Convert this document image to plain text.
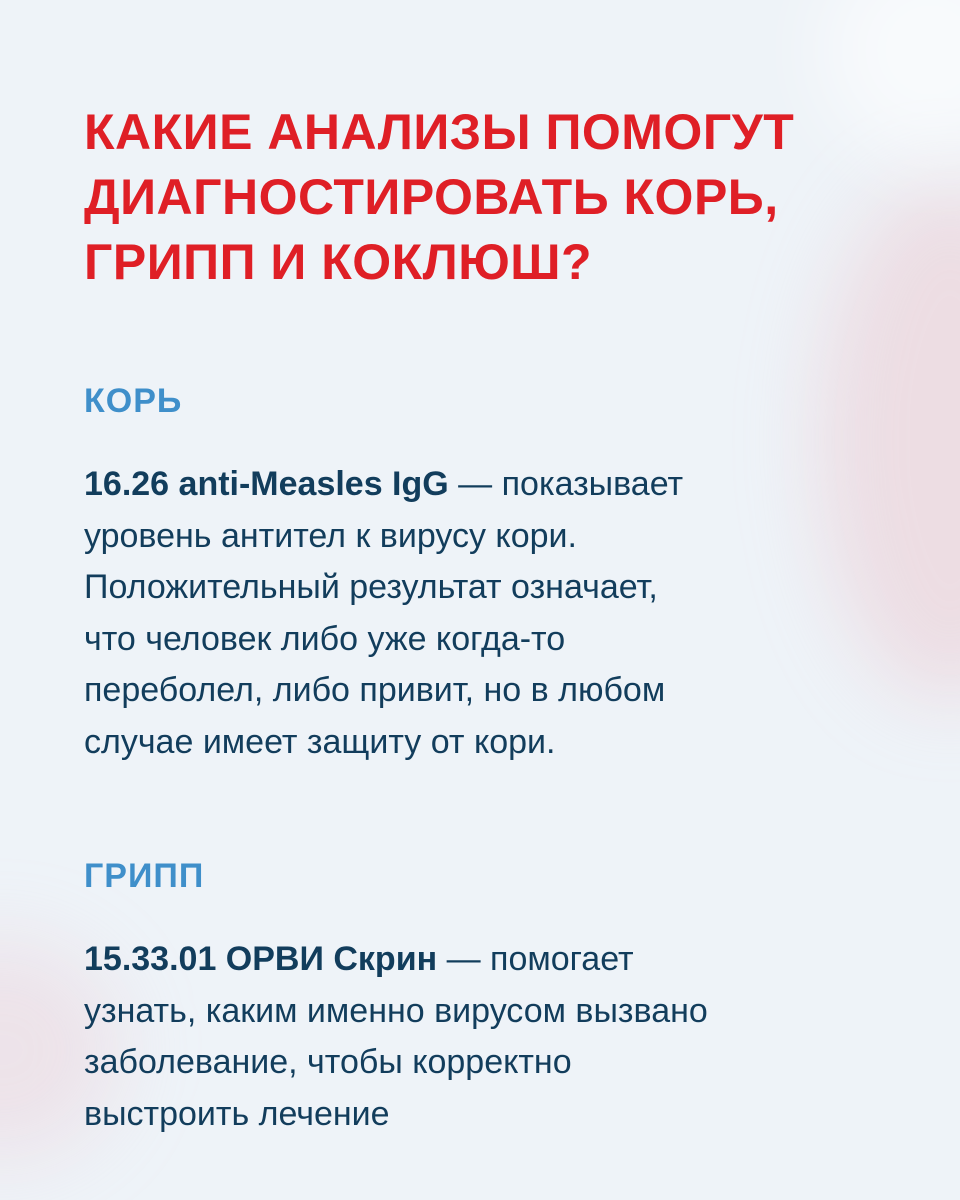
КАКИЕ АНАЛИЗЫ ПОМОГУТ
ДИАГНОСТИРОВАТЬ КОРЬ,
ГРИПП И КОКЛЮШ?
КОРЬ

16.26 anti-Measles IgG — показывает
уровень антител к вирусу кори.
Положительный результат означает,
что человек либо уже когда-то
переболел, либо привит, но в любом
случае имеет защиту от кори.

ГРИПП

15.33.01 ОРВИ Скрин — помогает
узнать, каким именно вирусом вызвано
заболевание, чтобы корректно
выстроить лечение
